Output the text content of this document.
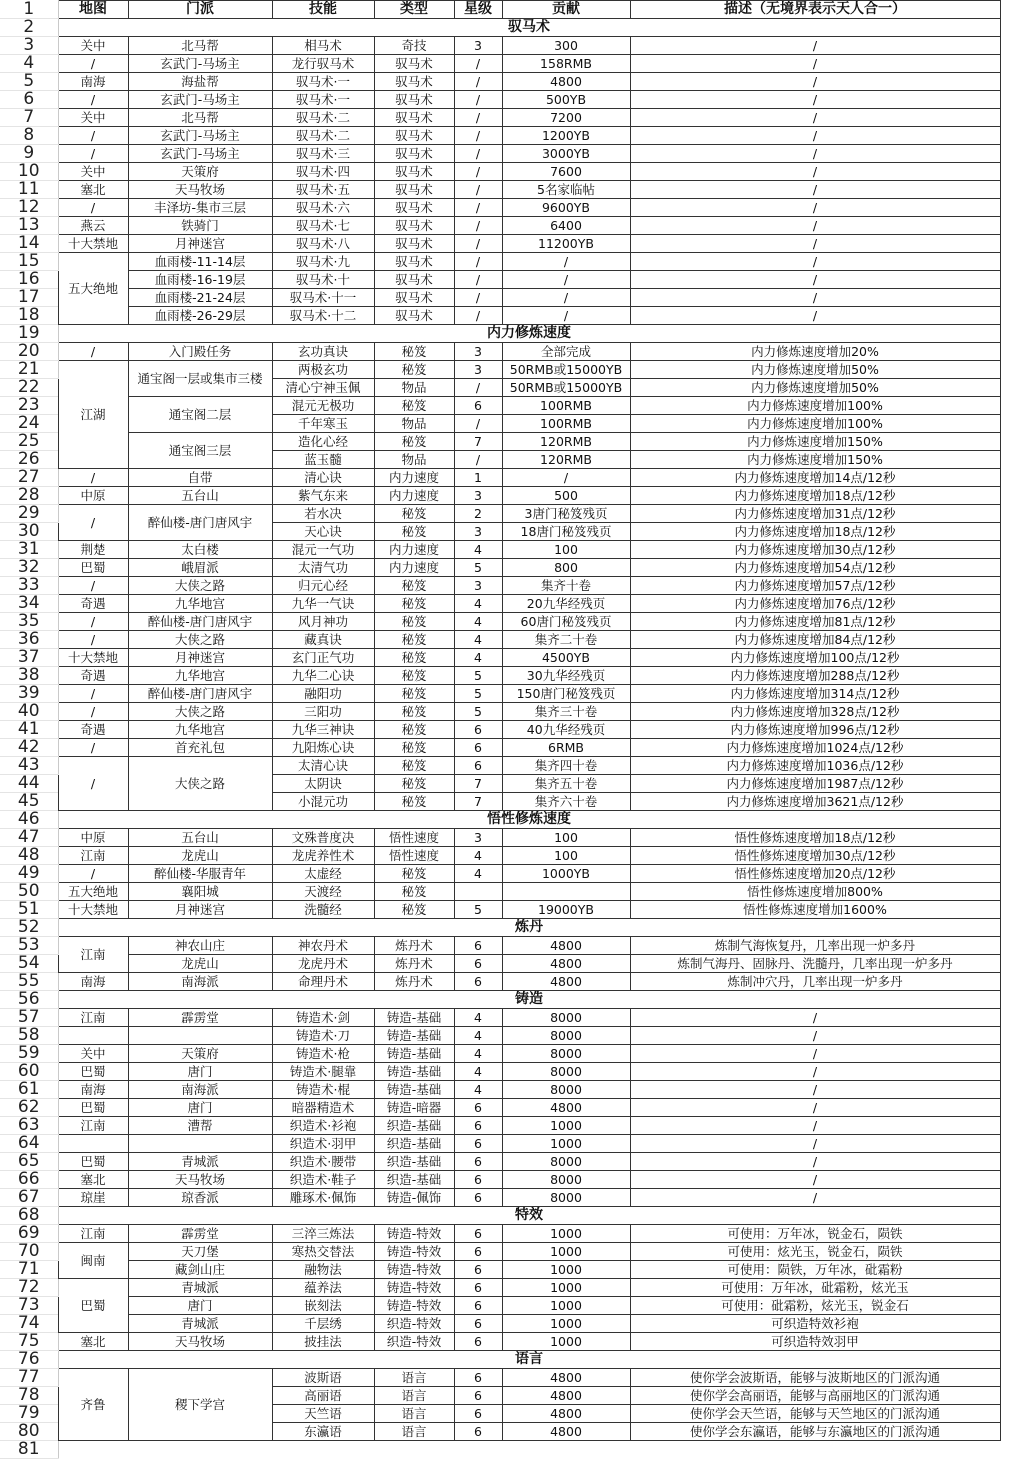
1	地图	门派	技能	类型	星级	贡献	描述（无境界表示天人合一）
2	驭马术						
3	关中	北马帮	相马术	奇技	3	300	/
4	/	玄武门-马场主	龙行驭马术	驭马术	/	158RMB	/
5	南海	海盐帮	驭马术·一	驭马术	/	4800	/
6	/	玄武门-马场主	驭马术·一	驭马术	/	500YB	/
7	关中	北马帮	驭马术·二	驭马术	/	7200	/
8	/	玄武门-马场主	驭马术·二	驭马术	/	1200YB	/
9	/	玄武门-马场主	驭马术·三	驭马术	/	3000YB	/
10	关中	天策府	驭马术·四	驭马术	/	7600	/
11	塞北	天马牧场	驭马术·五	驭马术	/	5名家临帖	/
12	/	丰泽坊-集市三层	驭马术·六	驭马术	/	9600YB	/
13	燕云	铁骑门	驭马术·七	驭马术	/	6400	/
14	十大禁地	月神迷宫	驭马术·八	驭马术	/	11200YB	/
15	五大绝地	血雨楼-11-14层	驭马术·九	驭马术	/	/	/
16		血雨楼-16-19层	驭马术·十	驭马术	/	/	/
17		血雨楼-21-24层	驭马术·十一	驭马术	/	/	/
18		血雨楼-26-29层	驭马术·十二	驭马术	/	/	/
19	内力修炼速度						
20	/	入门殿任务	玄功真诀	秘笈	3	全部完成	内力修炼速度增加20%
21	江湖	通宝阁一层或集市三楼	两极玄功	秘笈	3	50RMB或15000YB	内力修炼速度增加50%
22			清心宁神玉佩	物品	/	50RMB或15000YB	内力修炼速度增加50%
23		通宝阁二层	混元无极功	秘笈	6	100RMB	内力修炼速度增加100%
24			千年寒玉	物品	/	100RMB	内力修炼速度增加100%
25		通宝阁三层	造化心经	秘笈	7	120RMB	内力修炼速度增加150%
26			蓝玉髓	物品	/	120RMB	内力修炼速度增加150%
27	/	自带	清心诀	内力速度	1	/	内力修炼速度增加14点/12秒
28	中原	五台山	紫气东来	内力速度	3	500	内力修炼速度增加18点/12秒
29	/	醉仙楼-唐门唐风宇	若水决	秘笈	2	3唐门秘笈残页	内力修炼速度增加31点/12秒
30			天心诀	秘笈	3	18唐门秘笈残页	内力修炼速度增加18点/12秒
31	荆楚	太白楼	混元一气功	内力速度	4	100	内力修炼速度增加30点/12秒
32	巴蜀	峨眉派	太清气功	内力速度	5	800	内力修炼速度增加54点/12秒
33	/	大侠之路	归元心经	秘笈	3	集齐十卷	内力修炼速度增加57点/12秒
34	奇遇	九华地宫	九华一气诀	秘笈	4	20九华经残页	内力修炼速度增加76点/12秒
35	/	醉仙楼-唐门唐风宇	风月神功	秘笈	4	60唐门秘笈残页	内力修炼速度增加81点/12秒
36	/	大侠之路	藏真诀	秘笈	4	集齐二十卷	内力修炼速度增加84点/12秒
37	十大禁地	月神迷宫	玄门正气功	秘笈	4	4500YB	内力修炼速度增加100点/12秒
38	奇遇	九华地宫	九华二心诀	秘笈	5	30九华经残页	内力修炼速度增加288点/12秒
39	/	醉仙楼-唐门唐风宇	融阳功	秘笈	5	150唐门秘笈残页	内力修炼速度增加314点/12秒
40	/	大侠之路	三阳功	秘笈	5	集齐三十卷	内力修炼速度增加328点/12秒
41	奇遇	九华地宫	九华三神诀	秘笈	6	40九华经残页	内力修炼速度增加996点/12秒
42	/	首充礼包	九阳炼心诀	秘笈	6	6RMB	内力修炼速度增加1024点/12秒
43	/	大侠之路	太清心诀	秘笈	6	集齐四十卷	内力修炼速度增加1036点/12秒
44			太阴诀	秘笈	7	集齐五十卷	内力修炼速度增加1987点/12秒
45			小混元功	秘笈	7	集齐六十卷	内力修炼速度增加3621点/12秒
46	悟性修炼速度						
47	中原	五台山	文殊普度决	悟性速度	3	100	悟性修炼速度增加18点/12秒
48	江南	龙虎山	龙虎养性术	悟性速度	4	100	悟性修炼速度增加30点/12秒
49	/	醉仙楼-华服青年	太虚经	秘笈	4	1000YB	悟性修炼速度增加20点/12秒
50	五大绝地	襄阳城	天渡经	秘笈			悟性修炼速度增加800%
51	十大禁地	月神迷宫	洗髓经	秘笈	5	19000YB	悟性修炼速度增加1600%
52	炼丹						
53	江南	神农山庄	神农丹术	炼丹术	6	4800	炼制气海恢复丹，几率出现一炉多丹
54		龙虎山	龙虎丹术	炼丹术	6	4800	炼制气海丹、固脉丹、洗髓丹，几率出现一炉多丹
55	南海	南海派	命理丹术	炼丹术	6	4800	炼制冲穴丹，几率出现一炉多丹
56	铸造						
57	江南	霹雳堂	铸造术·剑	铸造-基础	4	8000	/
58			铸造术·刀	铸造-基础	4	8000	/
59	关中	天策府	铸造术·枪	铸造-基础	4	8000	/
60	巴蜀	唐门	铸造术·腿靠	铸造-基础	4	8000	/
61	南海	南海派	铸造术·棍	铸造-基础	4	8000	/
62	巴蜀	唐门	暗器精造术	铸造-暗器	6	4800	/
63	江南	漕帮	织造术·衫袍	织造-基础	6	1000	/
64			织造术·羽甲	织造-基础	6	1000	/
65	巴蜀	青城派	织造术·腰带	织造-基础	6	8000	/
66	塞北	天马牧场	织造术·鞋子	织造-基础	6	8000	/
67	琼崖	琼香派	雕琢术·佩饰	铸造-佩饰	6	8000	/
68	特效						
69	江南	霹雳堂	三淬三炼法	铸造-特效	6	1000	可使用：万年冰，锐金石，陨铁
70	闽南	天刀堡	寒热交替法	铸造-特效	6	1000	可使用：炫光玉，锐金石，陨铁
71		藏剑山庄	融物法	铸造-特效	6	1000	可使用：陨铁，万年冰，砒霜粉
72	巴蜀	青城派	蕴养法	铸造-特效	6	1000	可使用：万年冰，砒霜粉，炫光玉
73		唐门	嵌刻法	铸造-特效	6	1000	可使用：砒霜粉，炫光玉，锐金石
74		青城派	千层绣	织造-特效	6	1000	可织造特效衫袍
75	塞北	天马牧场	披挂法	织造-特效	6	1000	可织造特效羽甲
76	语言						
77	齐鲁	稷下学宫	波斯语	语言	6	4800	使你学会波斯语，能够与波斯地区的门派沟通
78			高丽语	语言	6	4800	使你学会高丽语，能够与高丽地区的门派沟通
79			天竺语	语言	6	4800	使你学会天竺语，能够与天竺地区的门派沟通
80			东瀛语	语言	6	4800	使你学会东瀛语，能够与东瀛地区的门派沟通
81							
